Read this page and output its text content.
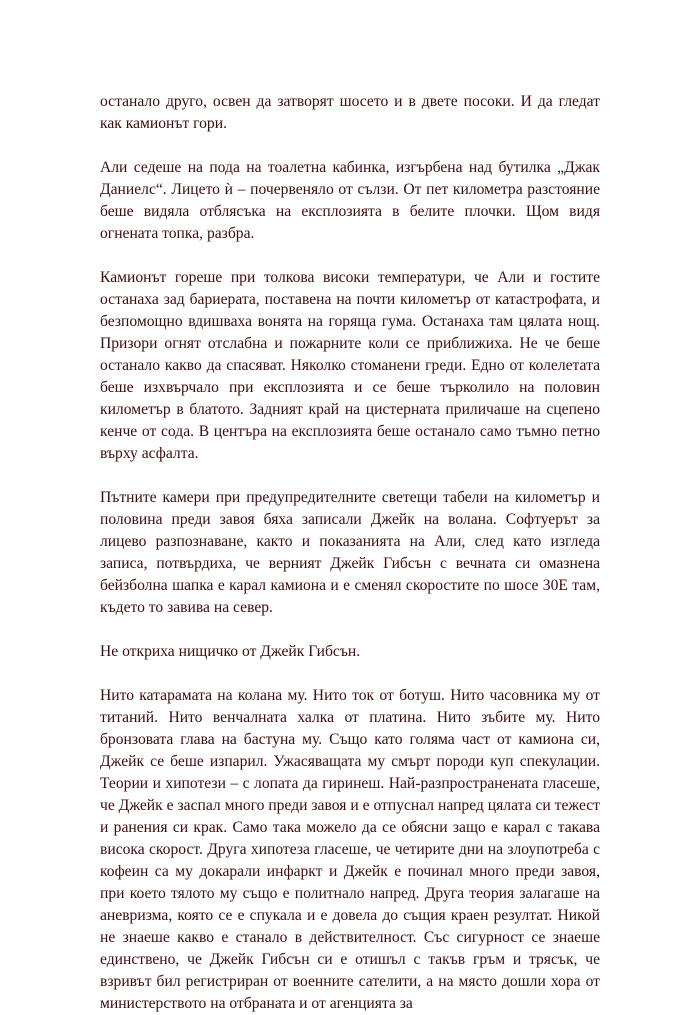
останало друго, освен да затворят шосето и в двете посоки. И да гледат как камионът гори.

Али седеше на пода на тоалетна кабинка, изгърбена над бутилка „Джак Даниелс“. Лицето ѝ – почервеняло от сълзи. От пет километра разстояние беше видяла отблясъка на експлозията в белите плочки. Щом видя огнената топка, разбра.

Камионът гореше при толкова високи температури, че Али и гостите останаха зад бариерата, поставена на почти километър от катастрофата, и безпомощно вдишваха вонята на горяща гума. Останаха там цялата нощ. Призори огнят отслабна и пожарните коли се приближиха. Не че беше останало какво да спасяват. Няколко стоманени греди. Едно от колелетата беше изхвърчало при експлозията и се беше търколило на половин километър в блатото. Задният край на цистерната приличаше на сцепено кенче от сода. В центъра на експлозията беше останало само тъмно петно върху асфалта.

Пътните камери при предупредителните светещи табели на километър и половина преди завоя бяха записали Джейк на волана. Софтуерът за лицево разпознаване, както и показанията на Али, след като изгледа записа, потвърдиха, че верният Джейк Гибсън с вечната си омазнена бейзболна шапка е карал камиона и е сменял скоростите по шосе 30Е там, където то завива на север.

Не откриха нищичко от Джейк Гибсън.

Нито катарамата на колана му. Нито ток от ботуш. Нито часовника му от титаний. Нито венчалната халка от платина. Нито зъбите му. Нито бронзовата глава на бастуна му. Също като голяма част от камиона си, Джейк се беше изпарил. Ужасяващата му смърт породи куп спекулации. Теории и хипотези – с лопата да гиринеш. Най-разпространената гласеше, че Джейк е заспал много преди завоя и е отпуснал напред цялата си тежест и ранения си крак. Само така можело да се обясни защо е карал с такава висока скорост. Друга хипотеза гласеше, че четирите дни на злоупотреба с кофеин са му докарали инфаркт и Джейк е починал много преди завоя, при което тялото му също е политнало напред. Друга теория залагаше на аневризма, която се е спукала и е довела до същия краен резултат. Никой не знаеше какво е станало в действителност. Със сигурност се знаеше единствено, че Джейк Гибсън си е отишъл с такъв гръм и трясък, че взривът бил регистриран от военните сателити, а на място дошли хора от министерството на отбраната и от агенцията за
